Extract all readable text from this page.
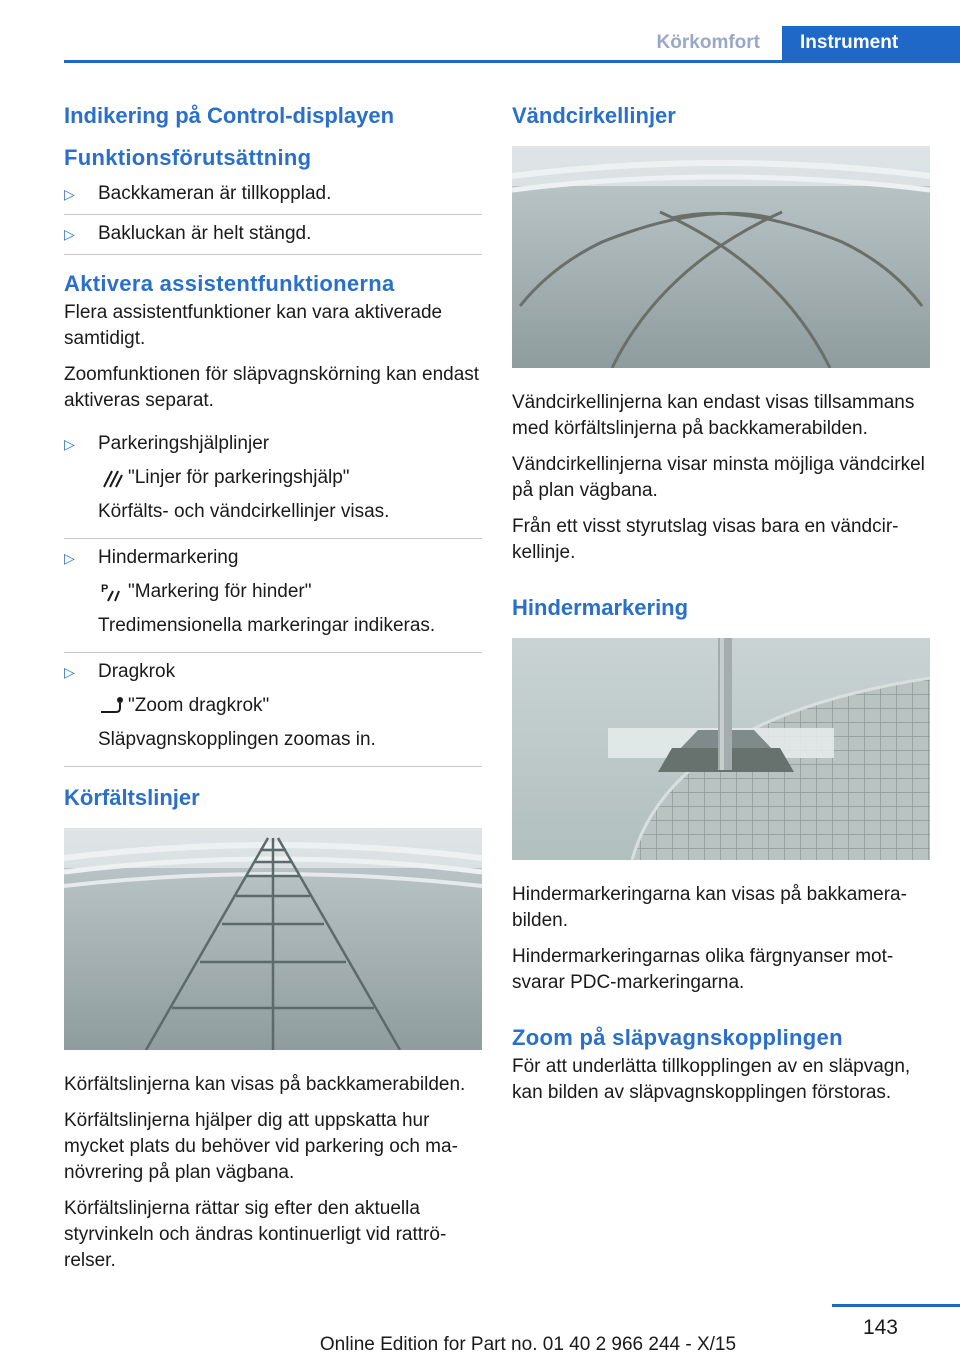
Körkomfort	Instrument
Indikering på Control-displayen
Funktionsförutsättning
▷	Backkameran är tillkopplad.
▷	Bakluckan är helt stängd.
Aktivera assistentfunktionerna

Flera assistentfunktioner kan vara aktiverade samtidigt.

Zoomfunktionen för släpvagnskörning kan endast aktiveras separat.

▷	Parkeringshjälplinjer
"Linjer för parkeringshjälp"
Körfälts- och vändcirkellinjer visas.
▷	Hindermarkering
P "Markering för hinder"
Tredimensionella markeringar indikeras.
▷	Dragkrok
"Zoom dragkrok"
Släpvagnskopplingen zoomas in.
Körfältslinjer

Körfältslinjerna kan visas på backkamerabilden.

Körfältslinjerna hjälper dig att uppskatta hur mycket plats du behöver vid parkering och manövrering på plan vägbana.

Körfältslinjerna rättar sig efter den aktuella styrvinkeln och ändras kontinuerligt vid rattrörelser.

Vändcirkellinjer

Vändcirkellinjerna kan endast visas tillsammans med körfältslinjerna på backkamerabilden.

Vändcirkellinjerna visar minsta möjliga vändcirkel på plan vägbana.

Från ett visst styrutslag visas bara en vändcirkellinje.

Hindermarkering

Hindermarkeringarna kan visas på bakkamerabilden.

Hindermarkeringarnas olika färgnyanser motsvarar PDC-markeringarna.

Zoom på släpvagnskopplingen

För att underlätta tillkopplingen av en släpvagn, kan bilden av släpvagnskopplingen förstoras.

143
Online Edition for Part no. 01 40 2 966 244 - X/15
